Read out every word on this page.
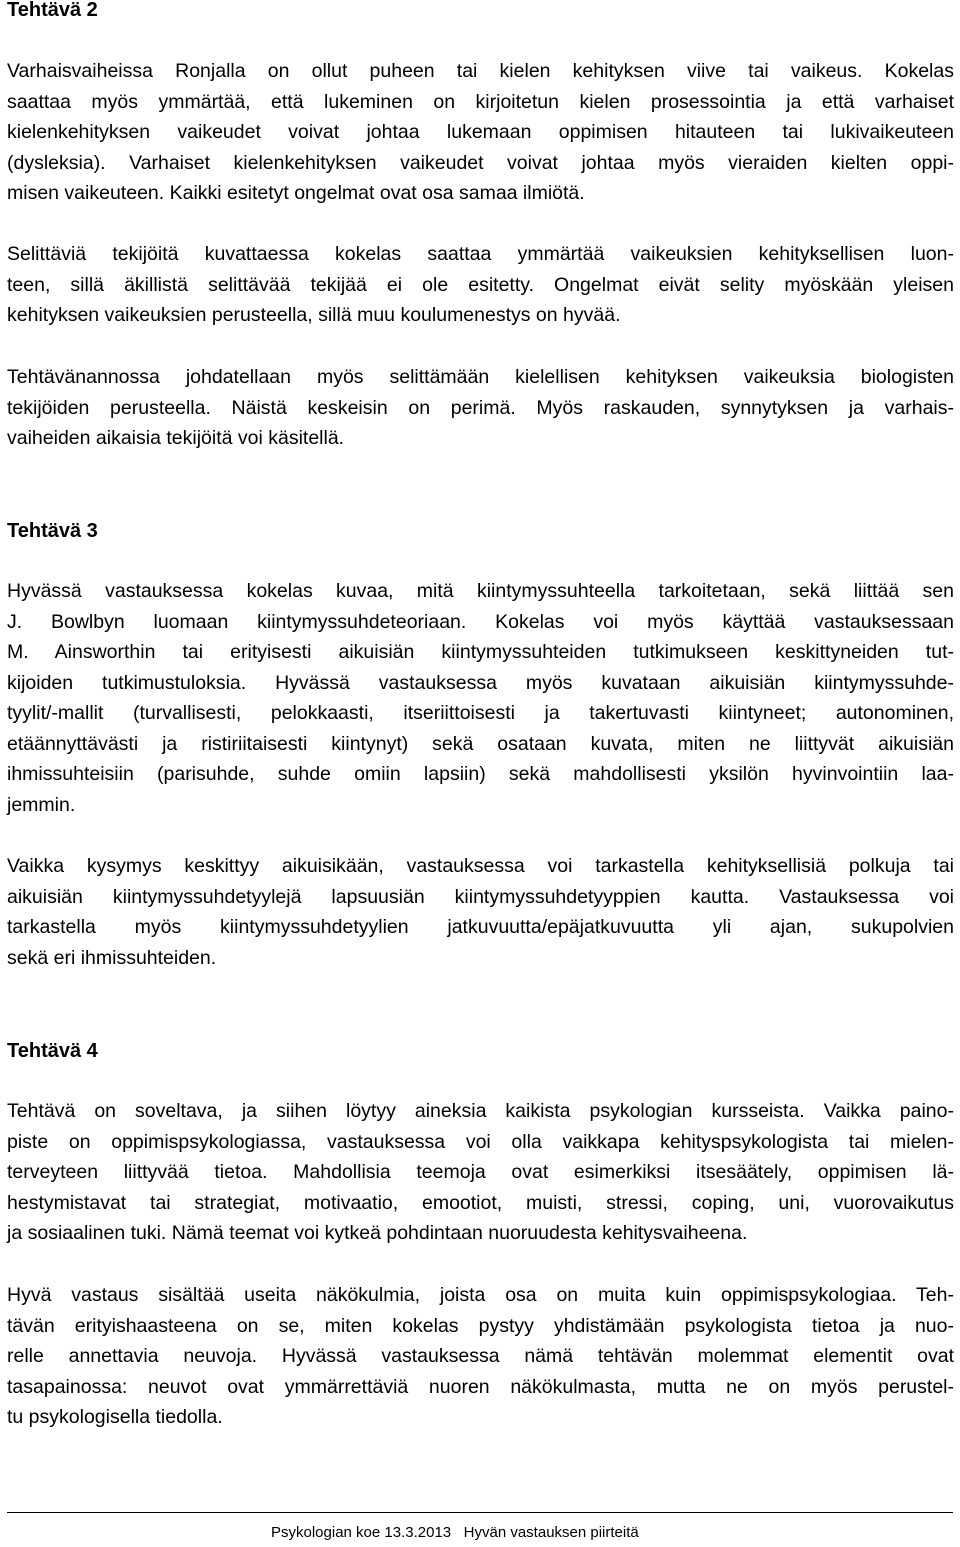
Tehtävä 2

Varhaisvaiheissa Ronjalla on ollut puheen tai kielen kehityksen viive tai vaikeus. Kokelas
saattaa myös ymmärtää, että lukeminen on kirjoitetun kielen prosessointia ja että varhaiset
kielenkehityksen vaikeudet voivat johtaa lukemaan oppimisen hitauteen tai lukivaikeuteen
(dysleksia). Varhaiset kielenkehityksen vaikeudet voivat johtaa myös vieraiden kielten oppi-
misen vaikeuteen. Kaikki esitetyt ongelmat ovat osa samaa ilmiötä.

Selittäviä tekijöitä kuvattaessa kokelas saattaa ymmärtää vaikeuksien kehityksellisen luon-
teen, sillä äkillistä selittävää tekijää ei ole esitetty. Ongelmat eivät selity myöskään yleisen
kehityksen vaikeuksien perusteella, sillä muu koulumenestys on hyvää.

Tehtävänannossa johdatellaan myös selittämään kielellisen kehityksen vaikeuksia biologisten
tekijöiden perusteella. Näistä keskeisin on perimä. Myös raskauden, synnytyksen ja varhais-
vaiheiden aikaisia tekijöitä voi käsitellä.

Tehtävä 3

Hyvässä vastauksessa kokelas kuvaa, mitä kiintymyssuhteella tarkoitetaan, sekä liittää sen
J. Bowlbyn luomaan kiintymyssuhdeteoriaan. Kokelas voi myös käyttää vastauksessaan
M. Ainsworthin tai erityisesti aikuisiän kiintymyssuhteiden tutkimukseen keskittyneiden tut-
kijoiden tutkimustuloksia. Hyvässä vastauksessa myös kuvataan aikuisiän kiintymyssuhde-
tyylit/-mallit (turvallisesti, pelokkaasti, itseriittoisesti ja takertuvasti kiintyneet; autonominen,
etäännyttävästi ja ristiriitaisesti kiintynyt) sekä osataan kuvata, miten ne liittyvät aikuisiän
ihmissuhteisiin (parisuhde, suhde omiin lapsiin) sekä mahdollisesti yksilön hyvinvointiin laa-
jemmin.

Vaikka kysymys keskittyy aikuisikään, vastauksessa voi tarkastella kehityksellisiä polkuja tai
aikuisiän kiintymyssuhdetyylejä lapsuusiän kiintymyssuhdetyyppien kautta. Vastauksessa voi
tarkastella myös kiintymyssuhdetyylien jatkuvuutta/epäjatkuvuutta yli ajan, sukupolvien
sekä eri ihmissuhteiden.

Tehtävä 4

Tehtävä on soveltava, ja siihen löytyy aineksia kaikista psykologian kursseista. Vaikka paino-
piste on oppimispsykologiassa, vastauksessa voi olla vaikkapa kehityspsykologista tai mielen-
terveyteen liittyvää tietoa. Mahdollisia teemoja ovat esimerkiksi itsesäätely, oppimisen lä-
hestymistavat tai strategiat, motivaatio, emootiot, muisti, stressi, coping, uni, vuorovaikutus
ja sosiaalinen tuki. Nämä teemat voi kytkeä pohdintaan nuoruudesta kehitysvaiheena.

Hyvä vastaus sisältää useita näkökulmia, joista osa on muita kuin oppimispsykologiaa. Teh-
tävän erityishaasteena on se, miten kokelas pystyy yhdistämään psykologista tietoa ja nuo-
relle annettavia neuvoja. Hyvässä vastauksessa nämä tehtävän molemmat elementit ovat
tasapainossa: neuvot ovat ymmärrettäviä nuoren näkökulmasta, mutta ne on myös perustel-
tu psykologisella tiedolla.

Psykologian koe 13.3.2013 Hyvän vastauksen piirteitä
